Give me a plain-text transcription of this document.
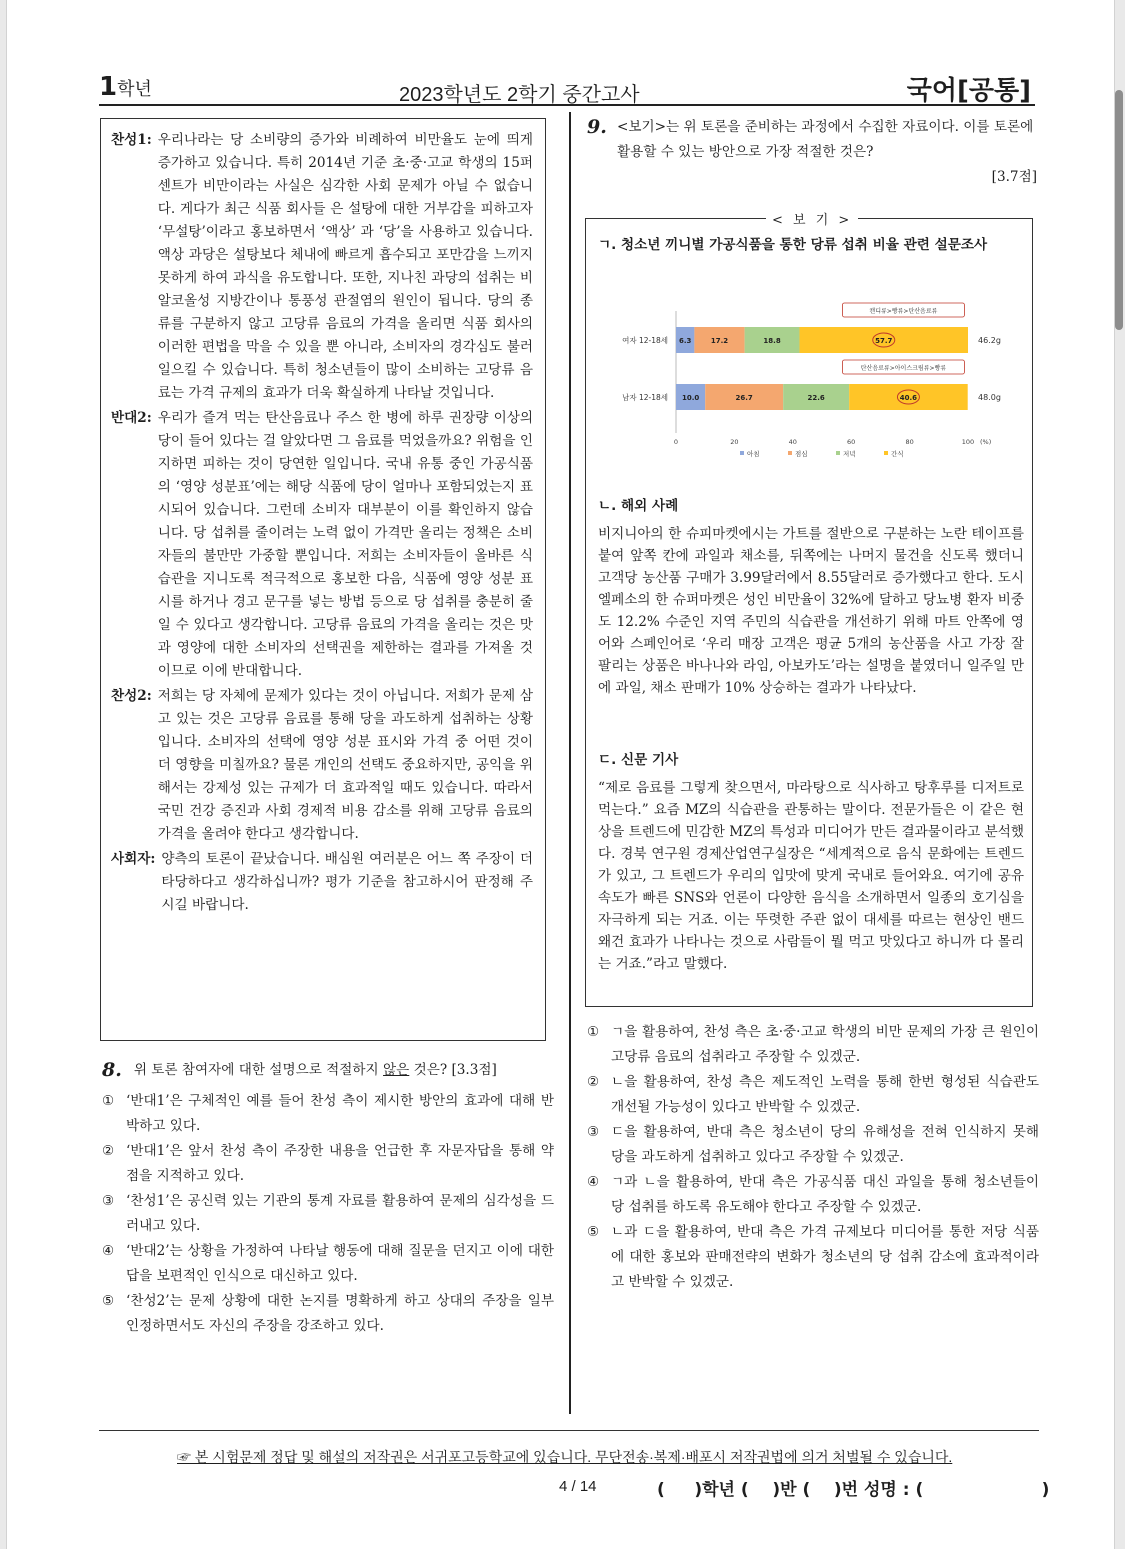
1학년	2023학년도 2학기 중간고사	국어[공통]
찬성1: 우리나라는 당 소비량의 증가와 비례하여 비만율도 눈에 띄게 증가하고 있습니다. 특히 2014년 기준 초·중·고교 학생의 15퍼센트가 비만이라는 사실은 심각한 사회 문제가 아닐 수 없습니다. 게다가 최근 식품 회사들 은 설탕에 대한 거부감을 피하고자 ‘무설탕’이라고 홍보하면서 ‘액상’ 과 ‘당’을 사용하고 있습니다. 액상 과당은 설탕보다 체내에 빠르게 흡수되고 포만감을 느끼지 못하게 하여 과식을 유도합니다. 또한, 지나친 과당의 섭취는 비알코올성 지방간이나 통풍성 관절염의 원인이 됩니다. 당의 종류를 구분하지 않고 고당류 음료의 가격을 올리면 식품 회사의 이러한 편법을 막을 수 있을 뿐 아니라, 소비자의 경각심도 불러일으킬 수 있습니다. 특히 청소년들이 많이 소비하는 고당류 음료는 가격 규제의 효과가 더욱 확실하게 나타날 것입니다.
반대2: 우리가 즐겨 먹는 탄산음료나 주스 한 병에 하루 권장량 이상의 당이 들어 있다는 걸 알았다면 그 음료를 먹었을까요? 위험을 인지하면 피하는 것이 당연한 일입니다. 국내 유통 중인 가공식품의 ‘영양 성분표’에는 해당 식품에 당이 얼마나 포함되었는지 표시되어 있습니다. 그런데 소비자 대부분이 이를 확인하지 않습니다. 당 섭취를 줄이려는 노력 없이 가격만 올리는 정책은 소비자들의 불만만 가중할 뿐입니다. 저희는 소비자들이 올바른 식습관을 지니도록 적극적으로 홍보한 다음, 식품에 영양 성분 표시를 하거나 경고 문구를 넣는 방법 등으로 당 섭취를 충분히 줄일 수 있다고 생각합니다. 고당류 음료의 가격을 올리는 것은 맛과 영양에 대한 소비자의 선택권을 제한하는 결과를 가져올 것이므로 이에 반대합니다.
찬성2: 저희는 당 자체에 문제가 있다는 것이 아닙니다. 저희가 문제 삼고 있는 것은 고당류 음료를 통해 당을 과도하게 섭취하는 상황입니다. 소비자의 선택에 영양 성분 표시와 가격 중 어떤 것이 더 영향을 미칠까요? 물론 개인의 선택도 중요하지만, 공익을 위해서는 강제성 있는 규제가 더 효과적일 때도 있습니다. 따라서 국민 건강 증진과 사회 경제적 비용 감소를 위해 고당류 음료의 가격을 올려야 한다고 생각합니다.
사회자: 양측의 토론이 끝났습니다. 배심원 여러분은 어느 쪽 주장이 더 타당하다고 생각하십니까? 평가 기준을 참고하시어 판정해 주시길 바랍니다.
8. 위 토론 참여자에 대한 설명으로 적절하지 않은 것은? [3.3점]
① ‘반대1’은 구체적인 예를 들어 찬성 측이 제시한 방안의 효과에 대해 반박하고 있다.
② ‘반대1’은 앞서 찬성 측이 주장한 내용을 언급한 후 자문자답을 통해 약점을 지적하고 있다.
③ ‘찬성1’은 공신력 있는 기관의 통계 자료를 활용하여 문제의 심각성을 드러내고 있다.
④ ‘반대2’는 상황을 가정하여 나타날 행동에 대해 질문을 던지고 이에 대한 답을 보편적인 인식으로 대신하고 있다.
⑤ ‘찬성2’는 문제 상황에 대한 논지를 명확하게 하고 상대의 주장을 일부 인정하면서도 자신의 주장을 강조하고 있다.
9. <보기>는 위 토론을 준비하는 과정에서 수집한 자료이다. 이를 토론에 활용할 수 있는 방안으로 가장 적절한 것은?
[3.7점]
< 보 기 >
ㄱ. 청소년 끼니별 가공식품을 통한 당류 섭취 비율 관련 설문조사
0	20	40	60	80	100 (%)
여자 12-18세 6.3	17.2	18.8	57.7	46.2g
캔디류>빵류>탄산음료류
남자 12-18세 10.0	26.7	22.6	40.6	48.0g
탄산음료류>아이스크림류>빵류
아침	점심	저녁	간식
ㄴ. 해외 사례
비지니아의 한 슈피마켓에시는 가트를 절반으로 구분하는 노란 테이프를 붙여 앞쪽 칸에 과일과 채소를, 뒤쪽에는 나머지 물건을 신도록 했더니 고객당 농산품 구매가 3.99달러에서 8.55달러로 증가했다고 한다. 도시 엘페소의 한 슈퍼마켓은 성인 비만율이 32%에 달하고 당뇨병 환자 비중도 12.2% 수준인 지역 주민의 식습관을 개선하기 위해 마트 안쪽에 영어와 스페인어로 ‘우리 매장 고객은 평균 5개의 농산품을 사고 가장 잘 팔리는 상품은 바나나와 라임, 아보카도’라는 설명을 붙였더니 일주일 만에 과일, 채소 판매가 10% 상승하는 결과가 나타났다.
ㄷ. 신문 기사
“제로 음료를 그렇게 찾으면서, 마라탕으로 식사하고 탕후루를 디저트로 먹는다.” 요즘 MZ의 식습관을 관통하는 말이다. 전문가들은 이 같은 현상을 트렌드에 민감한 MZ의 특성과 미디어가 만든 결과물이라고 분석했다. 경북 연구원 경제산업연구실장은 “세계적으로 음식 문화에는 트렌드가 있고, 그 트렌드가 우리의 입맛에 맞게 국내로 들어와요. 여기에 공유 속도가 빠른 SNS와 언론이 다양한 음식을 소개하면서 일종의 호기심을 자극하게 되는 거죠. 이는 뚜렷한 주관 없이 대세를 따르는 현상인 밴드왜건 효과가 나타나는 것으로 사람들이 뭘 먹고 맛있다고 하니까 다 몰리는 거죠.”라고 말했다.
① ㄱ을 활용하여, 찬성 측은 초·중·고교 학생의 비만 문제의 가장 큰 원인이 고당류 음료의 섭취라고 주장할 수 있겠군.
② ㄴ을 활용하여, 찬성 측은 제도적인 노력을 통해 한번 형성된 식습관도 개선될 가능성이 있다고 반박할 수 있겠군.
③ ㄷ을 활용하여, 반대 측은 청소년이 당의 유해성을 전혀 인식하지 못해 당을 과도하게 섭취하고 있다고 주장할 수 있겠군.
④ ㄱ과 ㄴ을 활용하여, 반대 측은 가공식품 대신 과일을 통해 청소년들이 당 섭취를 하도록 유도해야 한다고 주장할 수 있겠군.
⑤ ㄴ과 ㄷ을 활용하여, 반대 측은 가격 규제보다 미디어를 통한 저당 식품에 대한 홍보와 판매전략의 변화가 청소년의 당 섭취 감소에 효과적이라고 반박할 수 있겠군.
☞ 본 시험문제 정답 및 해설의 저작권은 서귀포고등학교에 있습니다. 무단전송·복제·배포시 저작권법에 의거 처벌될 수 있습니다.
4 / 14	(     )학년 (    )반 (    )번 성명 : (                    )
